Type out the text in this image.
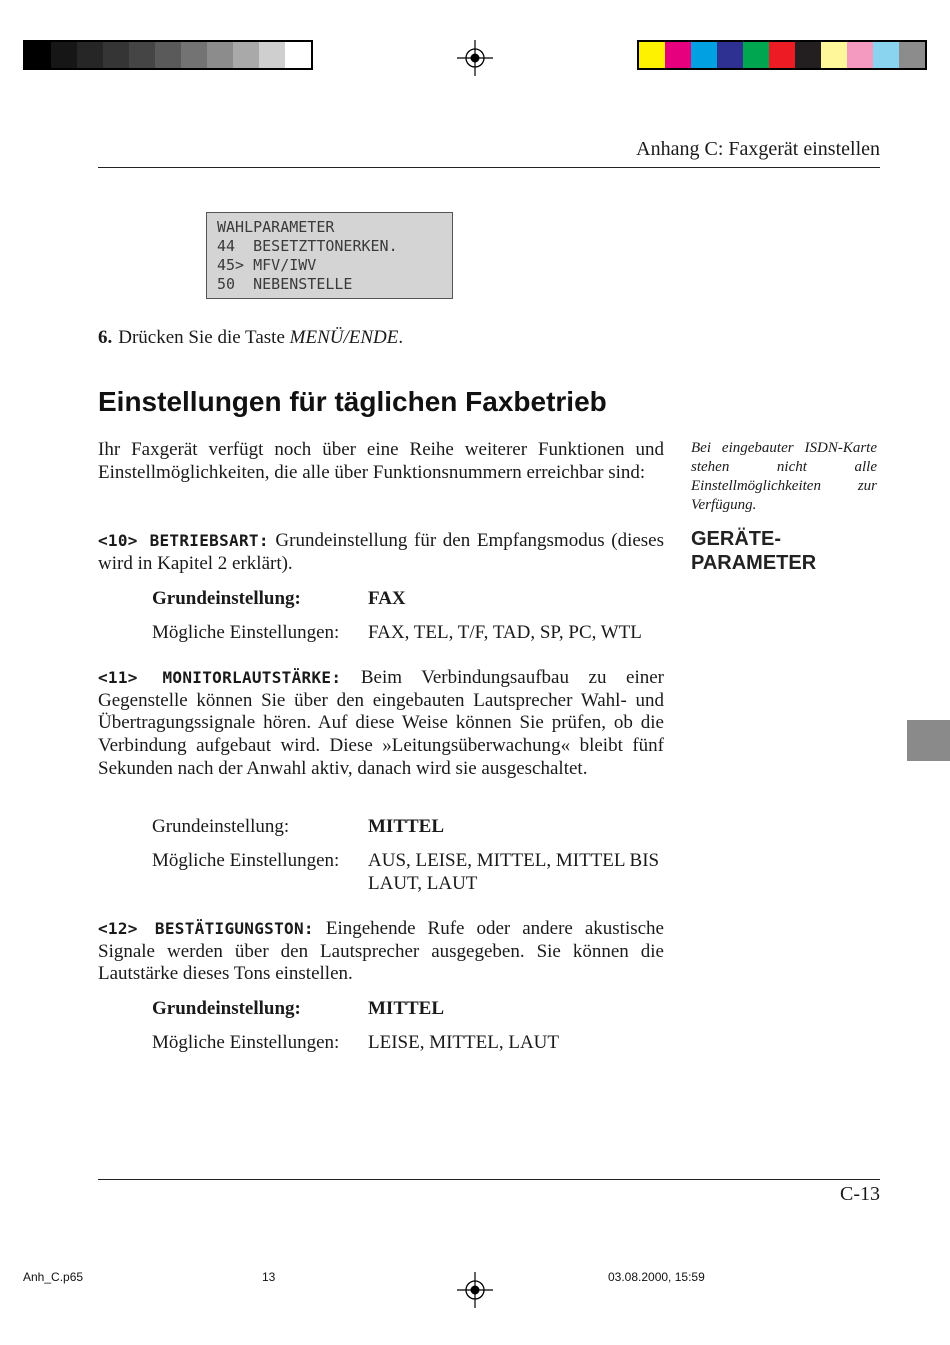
Anhang C: Faxgerät einstellen
WAHLPARAMETER
44  BESETZTTONERKEN.
45> MFV/IWV
50  NEBENSTELLE
6. Drücken Sie die Taste MENÜ/ENDE.
Einstellungen für täglichen Faxbetrieb

Ihr Faxgerät verfügt noch über eine Reihe weiterer Funktionen und Einstellmöglichkeiten, die alle über Funktionsnummern erreichbar sind:

<10> BETRIEBSART: Grundeinstellung für den Empfangsmodus (dieses wird in Kapitel 2 erklärt).

Grundeinstellung:	FAX
Mögliche Einstellungen: FAX, TEL, T/F, TAD, SP, PC, WTL

<11> MONITORLAUTSTÄRKE: Beim Verbindungsaufbau zu einer Gegenstelle können Sie über den eingebauten Lautsprecher Wahl- und Übertragungssignale hören. Auf diese Weise können Sie prüfen, ob die Verbindung aufgebaut wird. Diese »Leitungsüberwachung« bleibt fünf Sekunden nach der Anwahl aktiv, danach wird sie ausgeschaltet.

Grundeinstellung:	MITTEL
Mögliche Einstellungen: AUS, LEISE, MITTEL, MITTEL BIS LAUT, LAUT

<12> BESTÄTIGUNGSTON: Eingehende Rufe oder andere akustische Signale werden über den Lautsprecher ausgegeben. Sie können die Lautstärke dieses Tons einstellen.

Grundeinstellung:	MITTEL
Mögliche Einstellungen: LEISE, MITTEL, LAUT
Bei eingebauter ISDN-Karte stehen nicht alle Einstellmöglichkeiten zur Verfügung.
GERÄTE-
PARAMETER
C-13
Anh_C.p65	13	03.08.2000, 15:59
